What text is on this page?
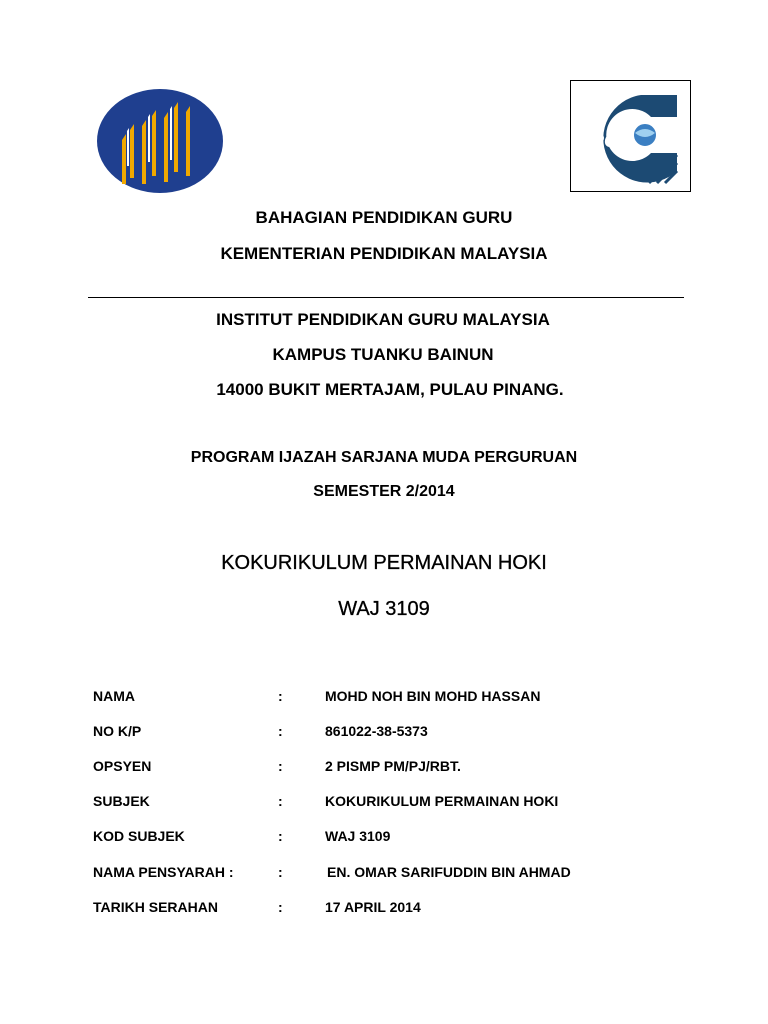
iPG
BAHAGIAN PENDIDIKAN GURU
KEMENTERIAN PENDIDIKAN MALAYSIA
INSTITUT PENDIDIKAN GURU MALAYSIA
KAMPUS TUANKU BAINUN
14000 BUKIT MERTAJAM, PULAU PINANG.
PROGRAM IJAZAH SARJANA MUDA PERGURUAN
SEMESTER 2/2014
KOKURIKULUM PERMAINAN HOKI
WAJ 3109
NAMA	:	MOHD NOH BIN MOHD HASSAN
NO K/P	:	861022-38-5373
OPSYEN	:	2 PISMP PM/PJ/RBT.
SUBJEK	:	KOKURIKULUM PERMAINAN HOKI
KOD SUBJEK	:	WAJ 3109
NAMA PENSYARAH :	:	EN. OMAR SARIFUDDIN BIN AHMAD
TARIKH SERAHAN	:	17 APRIL 2014
